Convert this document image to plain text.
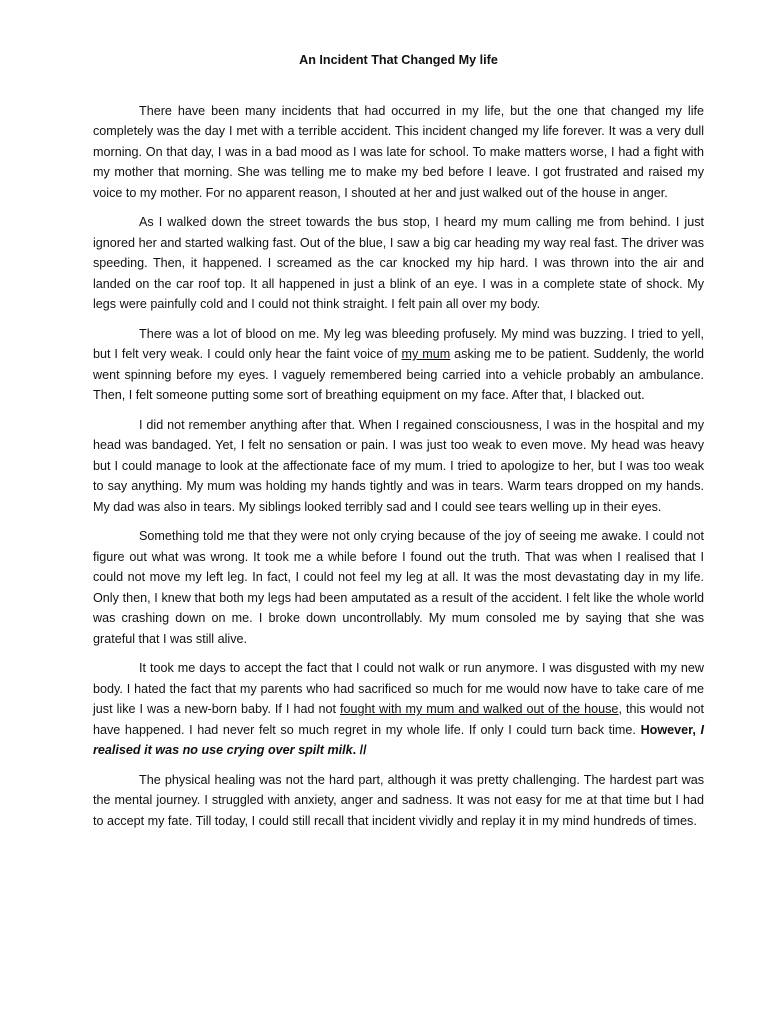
An Incident That Changed My life

There have been many incidents that had occurred in my life, but the one that changed my life completely was the day I met with a terrible accident. This incident changed my life forever. It was a very dull morning. On that day, I was in a bad mood as I was late for school. To make matters worse, I had a fight with my mother that morning. She was telling me to make my bed before I leave. I got frustrated and raised my voice to my mother. For no apparent reason, I shouted at her and just walked out of the house in anger.

As I walked down the street towards the bus stop, I heard my mum calling me from behind. I just ignored her and started walking fast. Out of the blue, I saw a big car heading my way real fast. The driver was speeding. Then, it happened. I screamed as the car knocked my hip hard. I was thrown into the air and landed on the car roof top. It all happened in just a blink of an eye. I was in a complete state of shock. My legs were painfully cold and I could not think straight. I felt pain all over my body.

There was a lot of blood on me. My leg was bleeding profusely. My mind was buzzing. I tried to yell, but I felt very weak. I could only hear the faint voice of my mum asking me to be patient. Suddenly, the world went spinning before my eyes. I vaguely remembered being carried into a vehicle probably an ambulance. Then, I felt someone putting some sort of breathing equipment on my face. After that, I blacked out.

I did not remember anything after that. When I regained consciousness, I was in the hospital and my head was bandaged. Yet, I felt no sensation or pain. I was just too weak to even move. My head was heavy but I could manage to look at the affectionate face of my mum. I tried to apologize to her, but I was too weak to say anything. My mum was holding my hands tightly and was in tears. Warm tears dropped on my hands. My dad was also in tears. My siblings looked terribly sad and I could see tears welling up in their eyes.

Something told me that they were not only crying because of the joy of seeing me awake. I could not figure out what was wrong. It took me a while before I found out the truth. That was when I realised that I could not move my left leg. In fact, I could not feel my leg at all. It was the most devastating day in my life. Only then, I knew that both my legs had been amputated as a result of the accident. I felt like the whole world was crashing down on me. I broke down uncontrollably. My mum consoled me by saying that she was grateful that I was still alive.

It took me days to accept the fact that I could not walk or run anymore. I was disgusted with my new body. I hated the fact that my parents who had sacrificed so much for me would now have to take care of me just like I was a new-born baby. If I had not fought with my mum and walked out of the house, this would not have happened. I had never felt so much regret in my whole life. If only I could turn back time. However, I realised it was no use crying over spilt milk. //

The physical healing was not the hard part, although it was pretty challenging. The hardest part was the mental journey. I struggled with anxiety, anger and sadness. It was not easy for me at that time but I had to accept my fate. Till today, I could still recall that incident vividly and replay it in my mind hundreds of times.
